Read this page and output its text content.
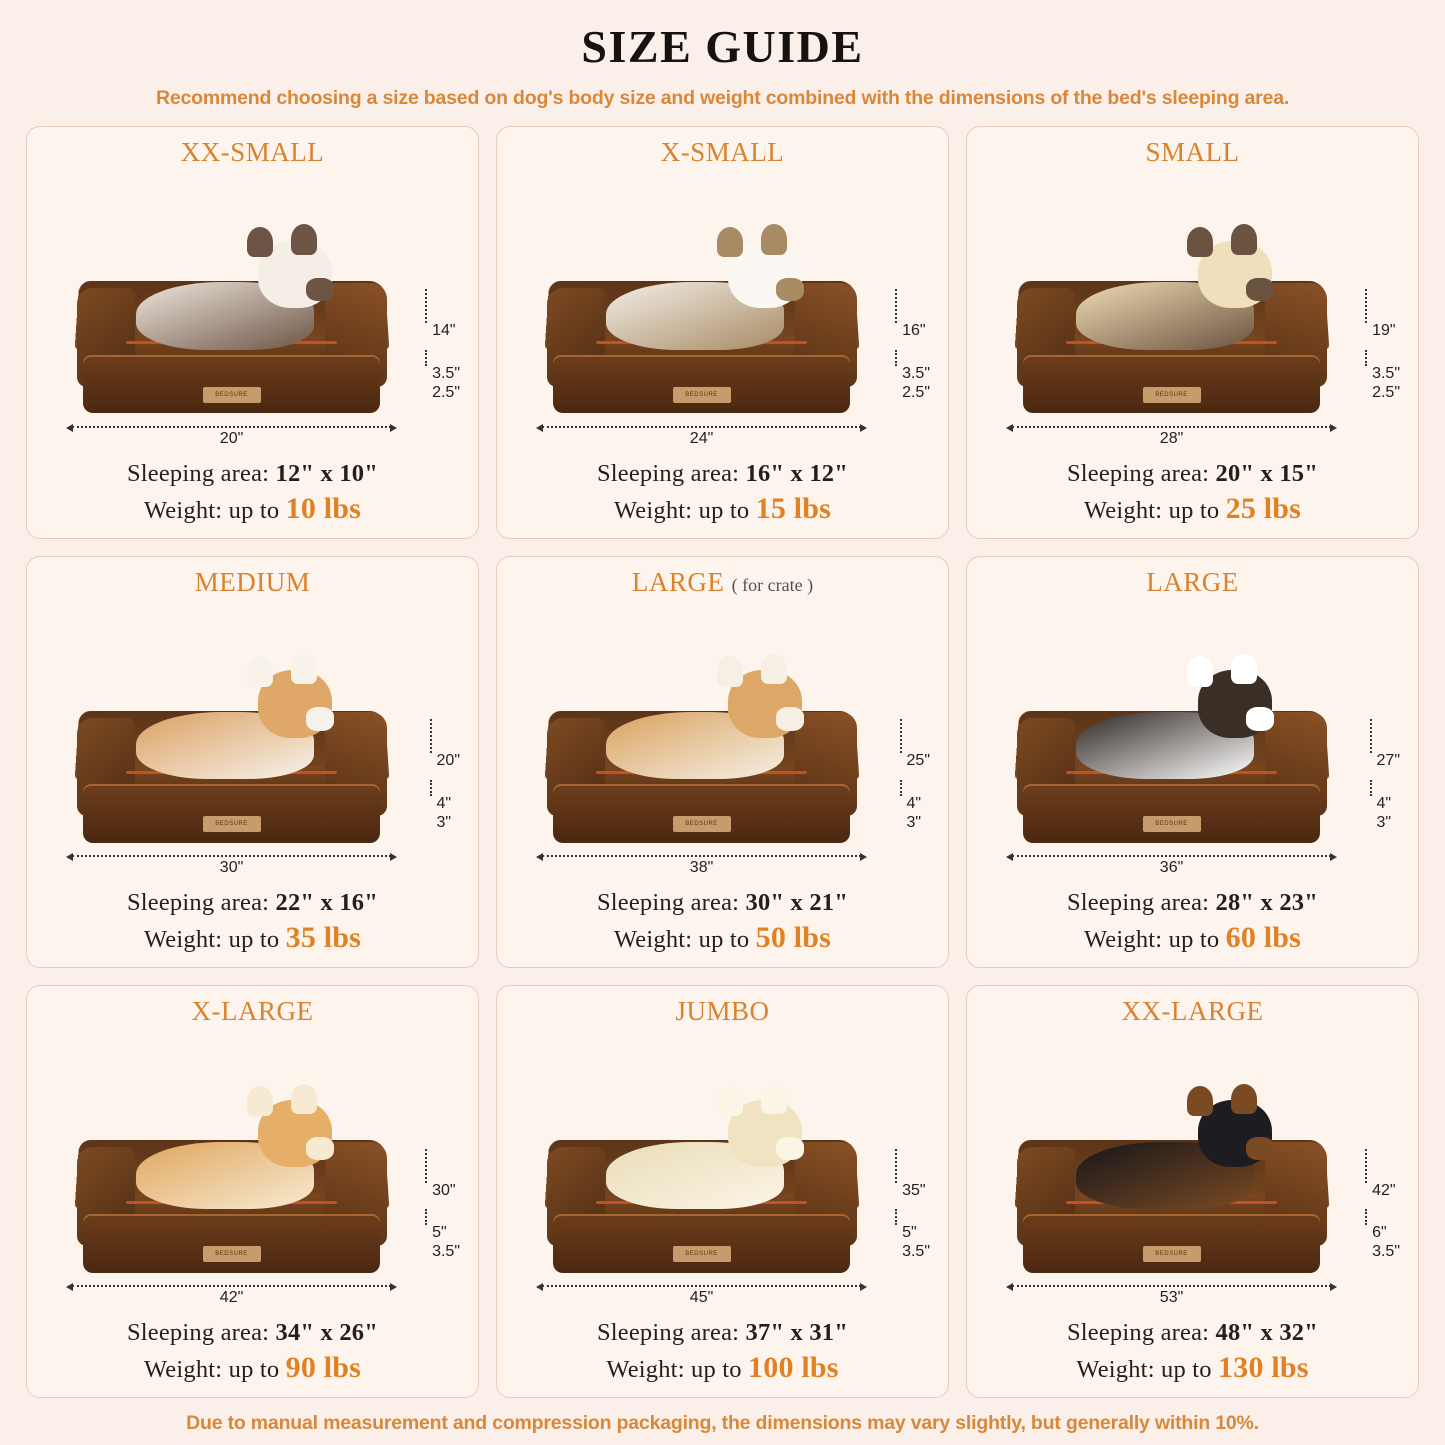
SIZE GUIDE
Recommend choosing a size based on dog's body size and weight combined with the dimensions of the bed's sleeping area.
XX-SMALL
BEDSURE
14"
3.5"
2.5"
20"
Sleeping area: 12" x 10"
Weight: up to 10 lbs
X-SMALL
BEDSURE
16"
3.5"
2.5"
24"
Sleeping area: 16" x 12"
Weight: up to 15 lbs
SMALL
BEDSURE
19"
3.5"
2.5"
28"
Sleeping area: 20" x 15"
Weight: up to 25 lbs
MEDIUM
BEDSURE
20"
4"
3"
30"
Sleeping area: 22" x 16"
Weight: up to 35 lbs
LARGE ( for crate )
BEDSURE
25"
4"
3"
38"
Sleeping area: 30" x 21"
Weight: up to 50 lbs
LARGE
BEDSURE
27"
4"
3"
36"
Sleeping area: 28" x 23"
Weight: up to 60 lbs
X-LARGE
BEDSURE
30"
5"
3.5"
42"
Sleeping area: 34" x 26"
Weight: up to 90 lbs
JUMBO
BEDSURE
35"
5"
3.5"
45"
Sleeping area: 37" x 31"
Weight: up to 100 lbs
XX-LARGE
BEDSURE
42"
6"
3.5"
53"
Sleeping area: 48" x 32"
Weight: up to 130 lbs
Due to manual measurement and compression packaging, the dimensions may vary slightly, but generally within 10%.
